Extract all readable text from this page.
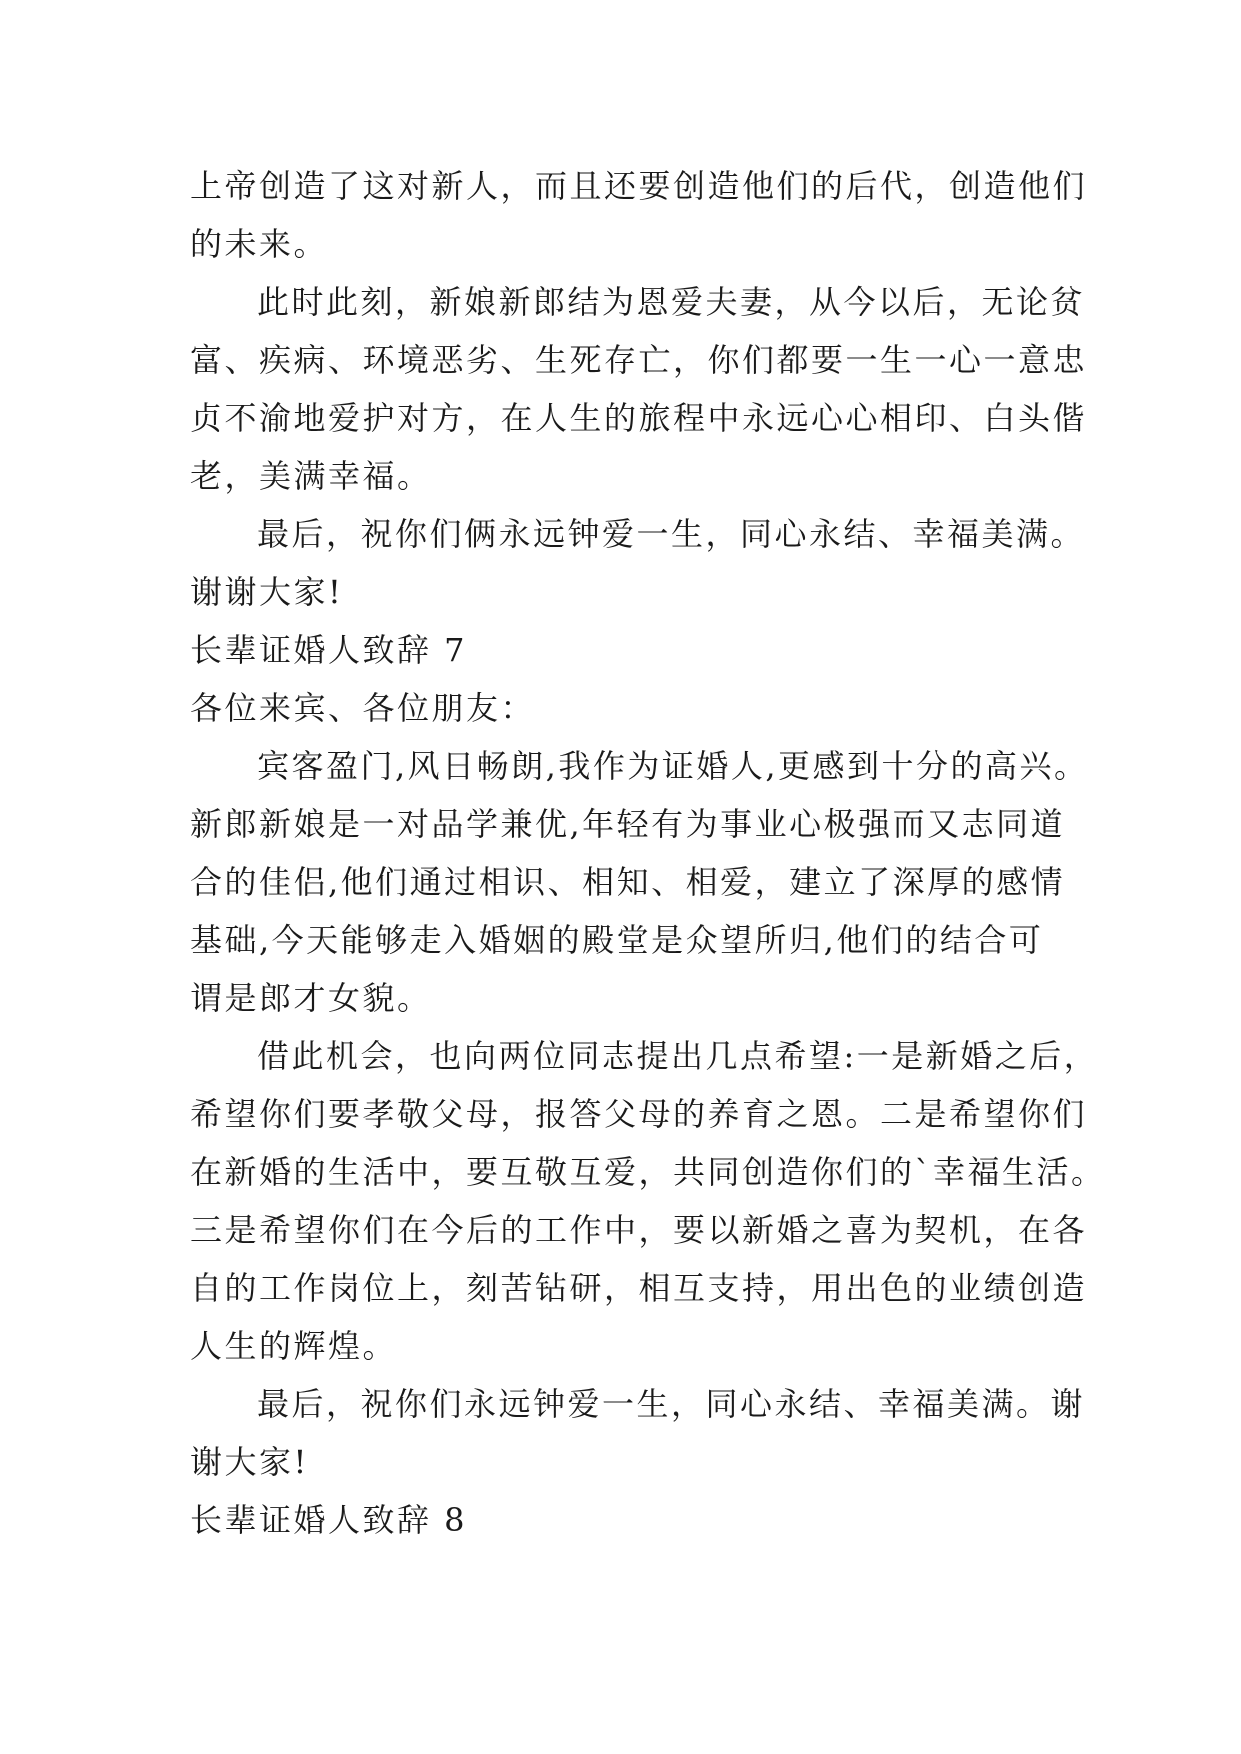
上帝创造了这对新人，而且还要创造他们的后代，创造他们
的未来。
此时此刻，新娘新郎结为恩爱夫妻，从今以后，无论贫
富、疾病、环境恶劣、生死存亡，你们都要一生一心一意忠
贞不渝地爱护对方，在人生的旅程中永远心心相印、白头偕
老，美满幸福。
最后，祝你们俩永远钟爱一生，同心永结、幸福美满。
谢谢大家!
长辈证婚人致辞 7
各位来宾、各位朋友：
宾客盈门,风日畅朗,我作为证婚人,更感到十分的高兴。
新郎新娘是一对品学兼优,年轻有为事业心极强而又志同道
合的佳侣,他们通过相识、相知、相爱，建立了深厚的感情
基础,今天能够走入婚姻的殿堂是众望所归,他们的结合可
谓是郎才女貌。
借此机会，也向两位同志提出几点希望:一是新婚之后，
希望你们要孝敬父母，报答父母的养育之恩。二是希望你们
在新婚的生活中，要互敬互爱，共同创造你们的`幸福生活。
三是希望你们在今后的工作中，要以新婚之喜为契机，在各
自的工作岗位上，刻苦钻研，相互支持，用出色的业绩创造
人生的辉煌。
最后，祝你们永远钟爱一生，同心永结、幸福美满。谢
谢大家!
长辈证婚人致辞 8
